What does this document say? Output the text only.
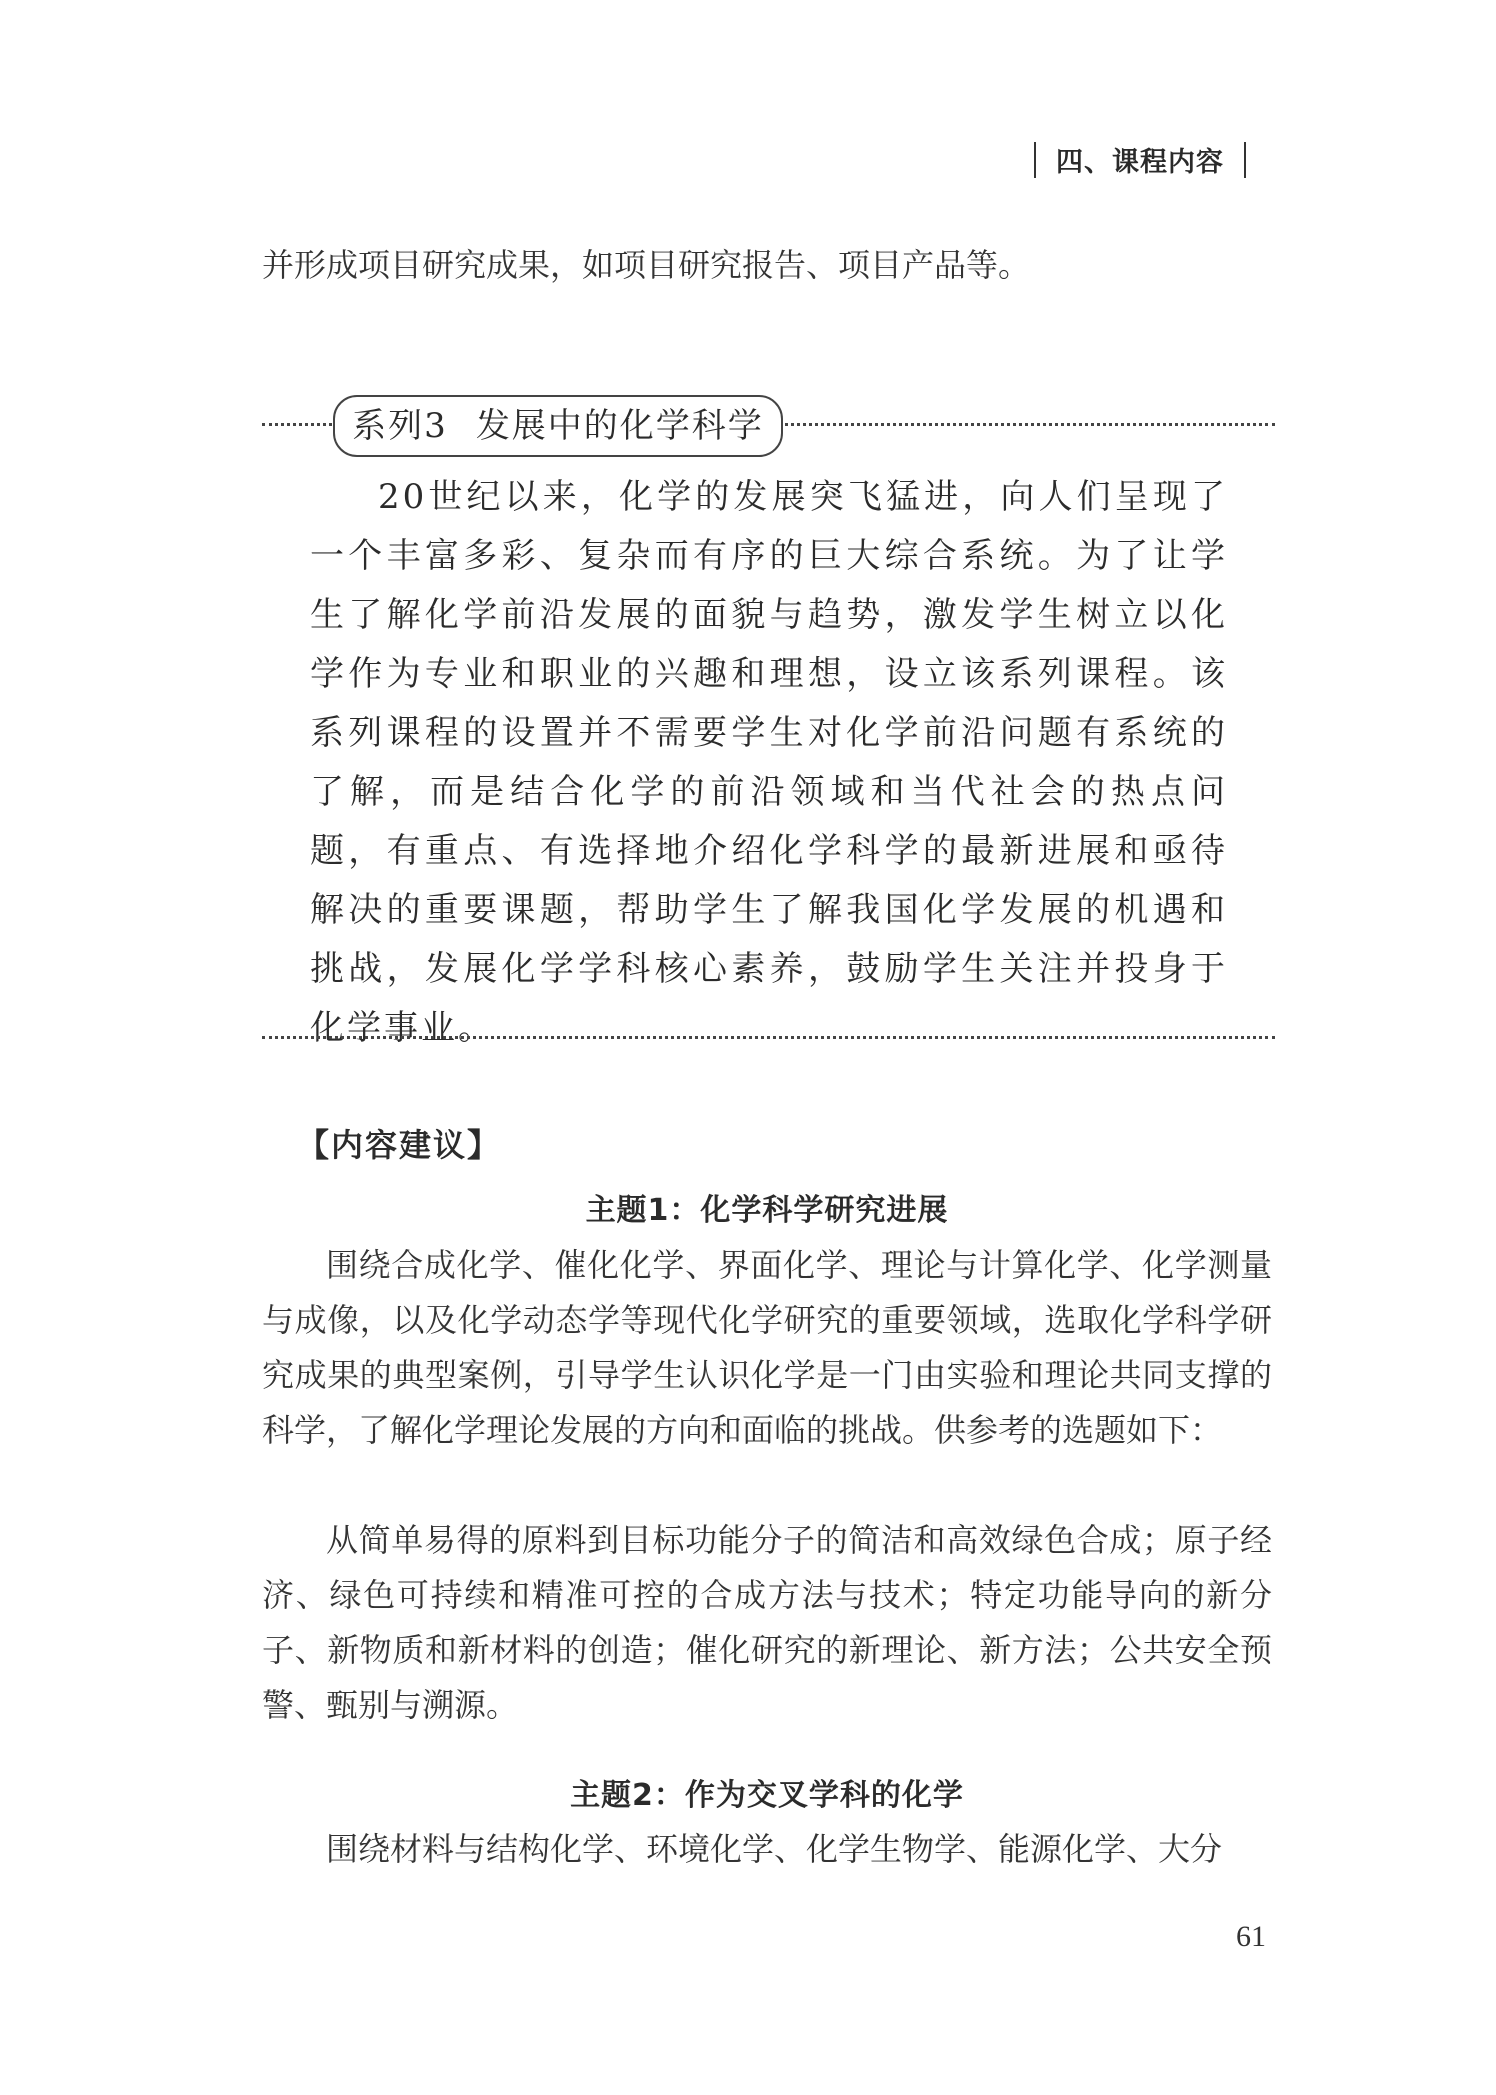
四、课程内容

并形成项目研究成果，如项目研究报告、项目产品等。

系列3 发展中的化学科学

20世纪以来，化学的发展突飞猛进，向人们呈现了一个丰富多彩、复杂而有序的巨大综合系统。为了让学生了解化学前沿发展的面貌与趋势，激发学生树立以化学作为专业和职业的兴趣和理想，设立该系列课程。该系列课程的设置并不需要学生对化学前沿问题有系统的了解，而是结合化学的前沿领域和当代社会的热点问题，有重点、有选择地介绍化学科学的最新进展和亟待解决的重要课题，帮助学生了解我国化学发展的机遇和挑战，发展化学学科核心素养，鼓励学生关注并投身于化学事业。

【内容建议】
主题1：化学科学研究进展

围绕合成化学、催化化学、界面化学、理论与计算化学、化学测量与成像，以及化学动态学等现代化学研究的重要领域，选取化学科学研究成果的典型案例，引导学生认识化学是一门由实验和理论共同支撑的科学，了解化学理论发展的方向和面临的挑战。供参考的选题如下：

从简单易得的原料到目标功能分子的简洁和高效绿色合成；原子经济、绿色可持续和精准可控的合成方法与技术；特定功能导向的新分子、新物质和新材料的创造；催化研究的新理论、新方法；公共安全预警、甄别与溯源。

主题2：作为交叉学科的化学

围绕材料与结构化学、环境化学、化学生物学、能源化学、大分

61
